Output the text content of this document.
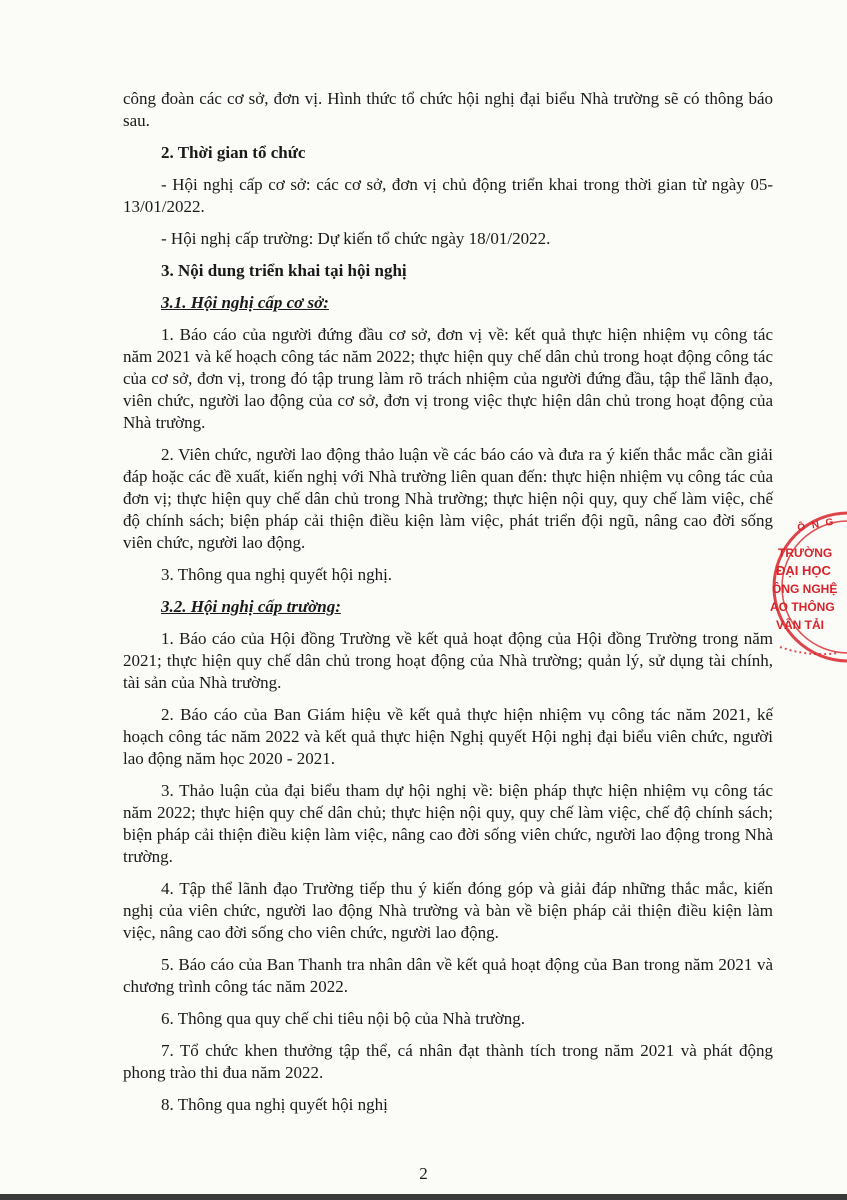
công đoàn các cơ sở, đơn vị. Hình thức tổ chức hội nghị đại biểu Nhà trường sẽ có thông báo sau.

2. Thời gian tổ chức

- Hội nghị cấp cơ sở: các cơ sở, đơn vị chủ động triển khai trong thời gian từ ngày 05-13/01/2022.

- Hội nghị cấp trường: Dự kiến tổ chức ngày 18/01/2022.

3. Nội dung triển khai tại hội nghị

3.1. Hội nghị cấp cơ sở:

1. Báo cáo của người đứng đầu cơ sở, đơn vị về: kết quả thực hiện nhiệm vụ công tác năm 2021 và kế hoạch công tác năm 2022; thực hiện quy chế dân chủ trong hoạt động công tác của cơ sở, đơn vị, trong đó tập trung làm rõ trách nhiệm của người đứng đầu, tập thể lãnh đạo, viên chức, người lao động của cơ sở, đơn vị trong việc thực hiện dân chủ trong hoạt động của Nhà trường.

2. Viên chức, người lao động thảo luận về các báo cáo và đưa ra ý kiến thắc mắc cần giải đáp hoặc các đề xuất, kiến nghị với Nhà trường liên quan đến: thực hiện nhiệm vụ công tác của đơn vị; thực hiện quy chế dân chủ trong Nhà trường; thực hiện nội quy, quy chế làm việc, chế độ chính sách; biện pháp cải thiện điều kiện làm việc, phát triển đội ngũ, nâng cao đời sống viên chức, người lao động.

3. Thông qua nghị quyết hội nghị.

3.2. Hội nghị cấp trường:

1. Báo cáo của Hội đồng Trường về kết quả hoạt động của Hội đồng Trường trong năm 2021; thực hiện quy chế dân chủ trong hoạt động của Nhà trường; quản lý, sử dụng tài chính, tài sản của Nhà trường.

2. Báo cáo của Ban Giám hiệu về kết quả thực hiện nhiệm vụ công tác năm 2021, kế hoạch công tác năm 2022 và kết quả thực hiện Nghị quyết Hội nghị đại biểu viên chức, người lao động năm học 2020 - 2021.

3. Thảo luận của đại biểu tham dự hội nghị về: biện pháp thực hiện nhiệm vụ công tác năm 2022; thực hiện quy chế dân chủ; thực hiện nội quy, quy chế làm việc, chế độ chính sách; biện pháp cải thiện điều kiện làm việc, nâng cao đời sống viên chức, người lao động trong Nhà trường.

4. Tập thể lãnh đạo Trường tiếp thu ý kiến đóng góp và giải đáp những thắc mắc, kiến nghị của viên chức, người lao động Nhà trường và bàn về biện pháp cải thiện điều kiện làm việc, nâng cao đời sống cho viên chức, người lao động.

5. Báo cáo của Ban Thanh tra nhân dân về kết quả hoạt động của Ban trong năm 2021 và chương trình công tác năm 2022.

6. Thông qua quy chế chi tiêu nội bộ của Nhà trường.

7. Tổ chức khen thưởng tập thể, cá nhân đạt thành tích trong năm 2021 và phát động phong trào thi đua năm 2022.

8. Thông qua nghị quyết hội nghị

2
Ô N G
TRƯỜNG
ĐẠI HỌC
ÔNG NGHỆ
AO THÔNG
VẬN TẢI
